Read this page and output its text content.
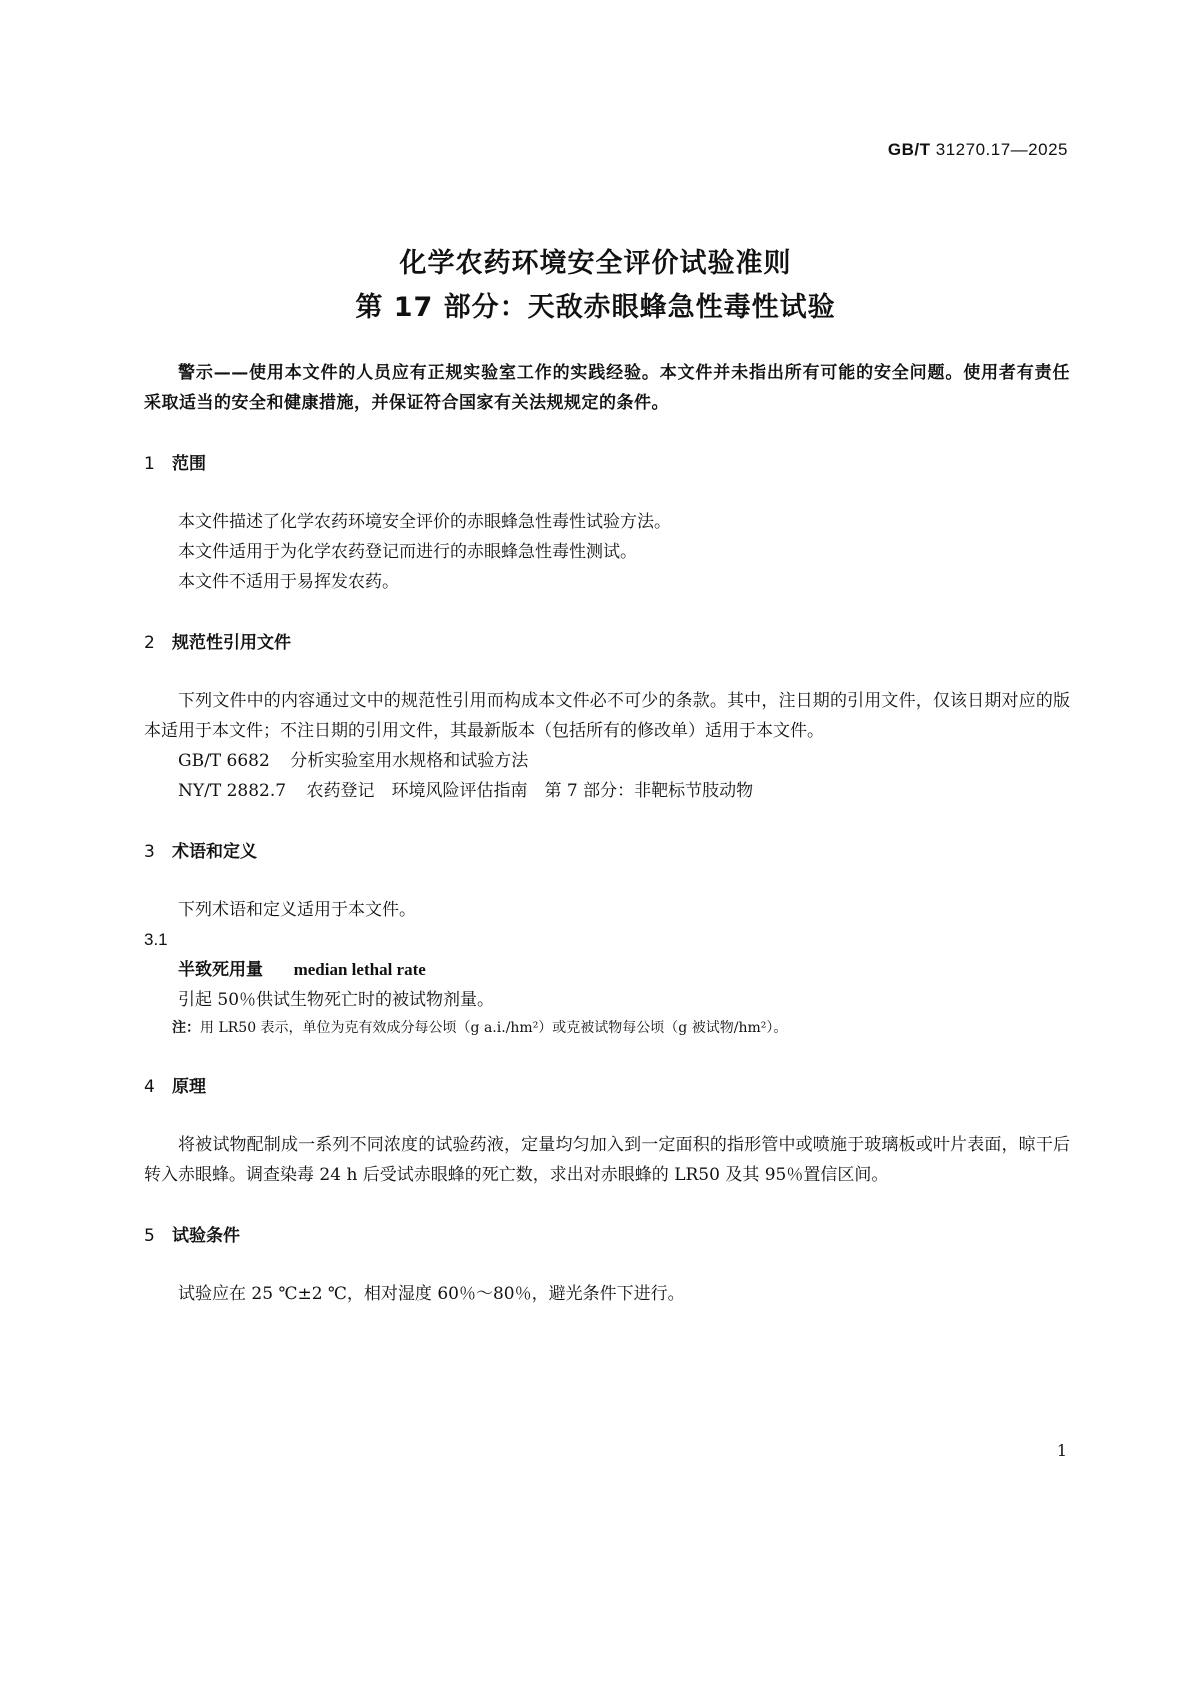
GB/T 31270.17—2025
化学农药环境安全评价试验准则
第 17 部分：天敌赤眼蜂急性毒性试验

警示——使用本文件的人员应有正规实验室工作的实践经验。本文件并未指出所有可能的安全问题。使用者有责任采取适当的安全和健康措施，并保证符合国家有关法规规定的条件。

1 范围

本文件描述了化学农药环境安全评价的赤眼蜂急性毒性试验方法。

本文件适用于为化学农药登记而进行的赤眼蜂急性毒性测试。

本文件不适用于易挥发农药。

2 规范性引用文件

下列文件中的内容通过文中的规范性引用而构成本文件必不可少的条款。其中，注日期的引用文件，仅该日期对应的版本适用于本文件；不注日期的引用文件，其最新版本（包括所有的修改单）适用于本文件。

GB/T 6682 分析实验室用水规格和试验方法

NY/T 2882.7 农药登记　环境风险评估指南　第 7 部分：非靶标节肢动物

3 术语和定义

下列术语和定义适用于本文件。

3.1

半致死用量 median lethal rate

引起 50％供试生物死亡时的被试物剂量。

注：用 LR50 表示，单位为克有效成分每公顷（g a.i./hm²）或克被试物每公顷（g 被试物/hm²）。

4 原理

将被试物配制成一系列不同浓度的试验药液，定量均匀加入到一定面积的指形管中或喷施于玻璃板或叶片表面，晾干后转入赤眼蜂。调查染毒 24 h 后受试赤眼蜂的死亡数，求出对赤眼蜂的 LR50 及其 95％置信区间。

5 试验条件

试验应在 25 ℃±2 ℃，相对湿度 60％～80％，避光条件下进行。

1
